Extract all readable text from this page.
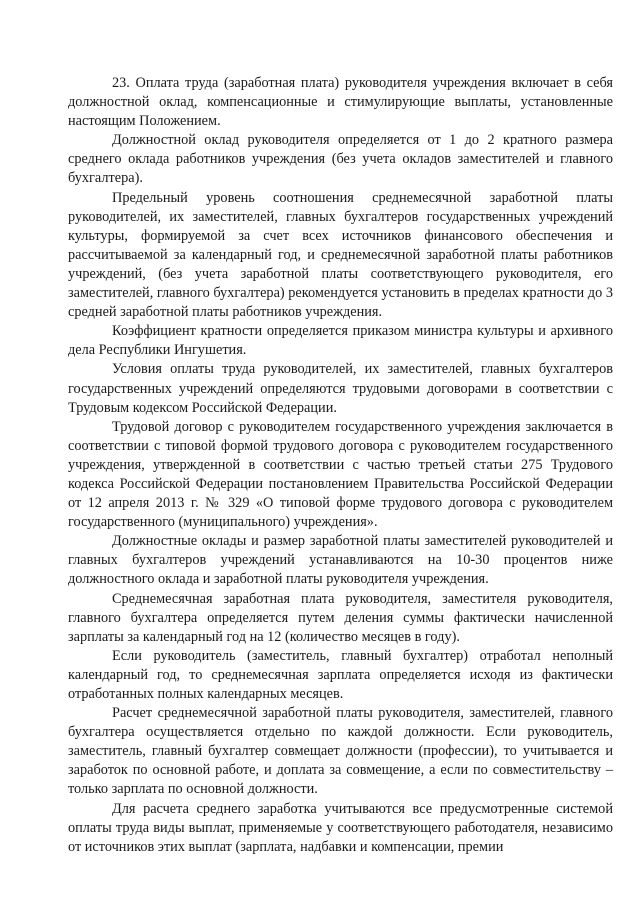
23. Оплата труда (заработная плата) руководителя учреждения включает в себя должностной оклад, компенсационные и стимулирующие выплаты, установленные настоящим Положением.

Должностной оклад руководителя определяется от 1 до 2 кратного размера среднего оклада работников учреждения (без учета окладов заместителей и главного бухгалтера).

Предельный уровень соотношения среднемесячной заработной платы руководителей, их заместителей, главных бухгалтеров государственных учреждений культуры, формируемой за счет всех источников финансового обеспечения и рассчитываемой за календарный год, и среднемесячной заработной платы работников учреждений, (без учета заработной платы соответствующего руководителя, его заместителей, главного бухгалтера) рекомендуется установить в пределах кратности до 3 средней заработной платы работников учреждения.

Коэффициент кратности определяется приказом министра культуры и архивного дела Республики Ингушетия.

Условия оплаты труда руководителей, их заместителей, главных бухгалтеров государственных учреждений определяются трудовыми договорами в соответствии с Трудовым кодексом Российской Федерации.

Трудовой договор с руководителем государственного учреждения заключается в соответствии с типовой формой трудового договора с руководителем государственного учреждения, утвержденной в соответствии с частью третьей статьи 275 Трудового кодекса Российской Федерации постановлением Правительства Российской Федерации от 12 апреля 2013 г. № 329 «О типовой форме трудового договора с руководителем государственного (муниципального) учреждения».

Должностные оклады и размер заработной платы заместителей руководителей и главных бухгалтеров учреждений устанавливаются на 10-30 процентов ниже должностного оклада и заработной платы руководителя учреждения.

Среднемесячная заработная плата руководителя, заместителя руководителя, главного бухгалтера определяется путем деления суммы фактически начисленной зарплаты за календарный год на 12 (количество месяцев в году).

Если руководитель (заместитель, главный бухгалтер) отработал неполный календарный год, то среднемесячная зарплата определяется исходя из фактически отработанных полных календарных месяцев.

Расчет среднемесячной заработной платы руководителя, заместителей, главного бухгалтера осуществляется отдельно по каждой должности. Если руководитель, заместитель, главный бухгалтер совмещает должности (профессии), то учитывается и заработок по основной работе, и доплата за совмещение, а если по совместительству – только зарплата по основной должности.

Для расчета среднего заработка учитываются все предусмотренные системой оплаты труда виды выплат, применяемые у соответствующего работодателя, независимо от источников этих выплат (зарплата, надбавки и компенсации, премии
